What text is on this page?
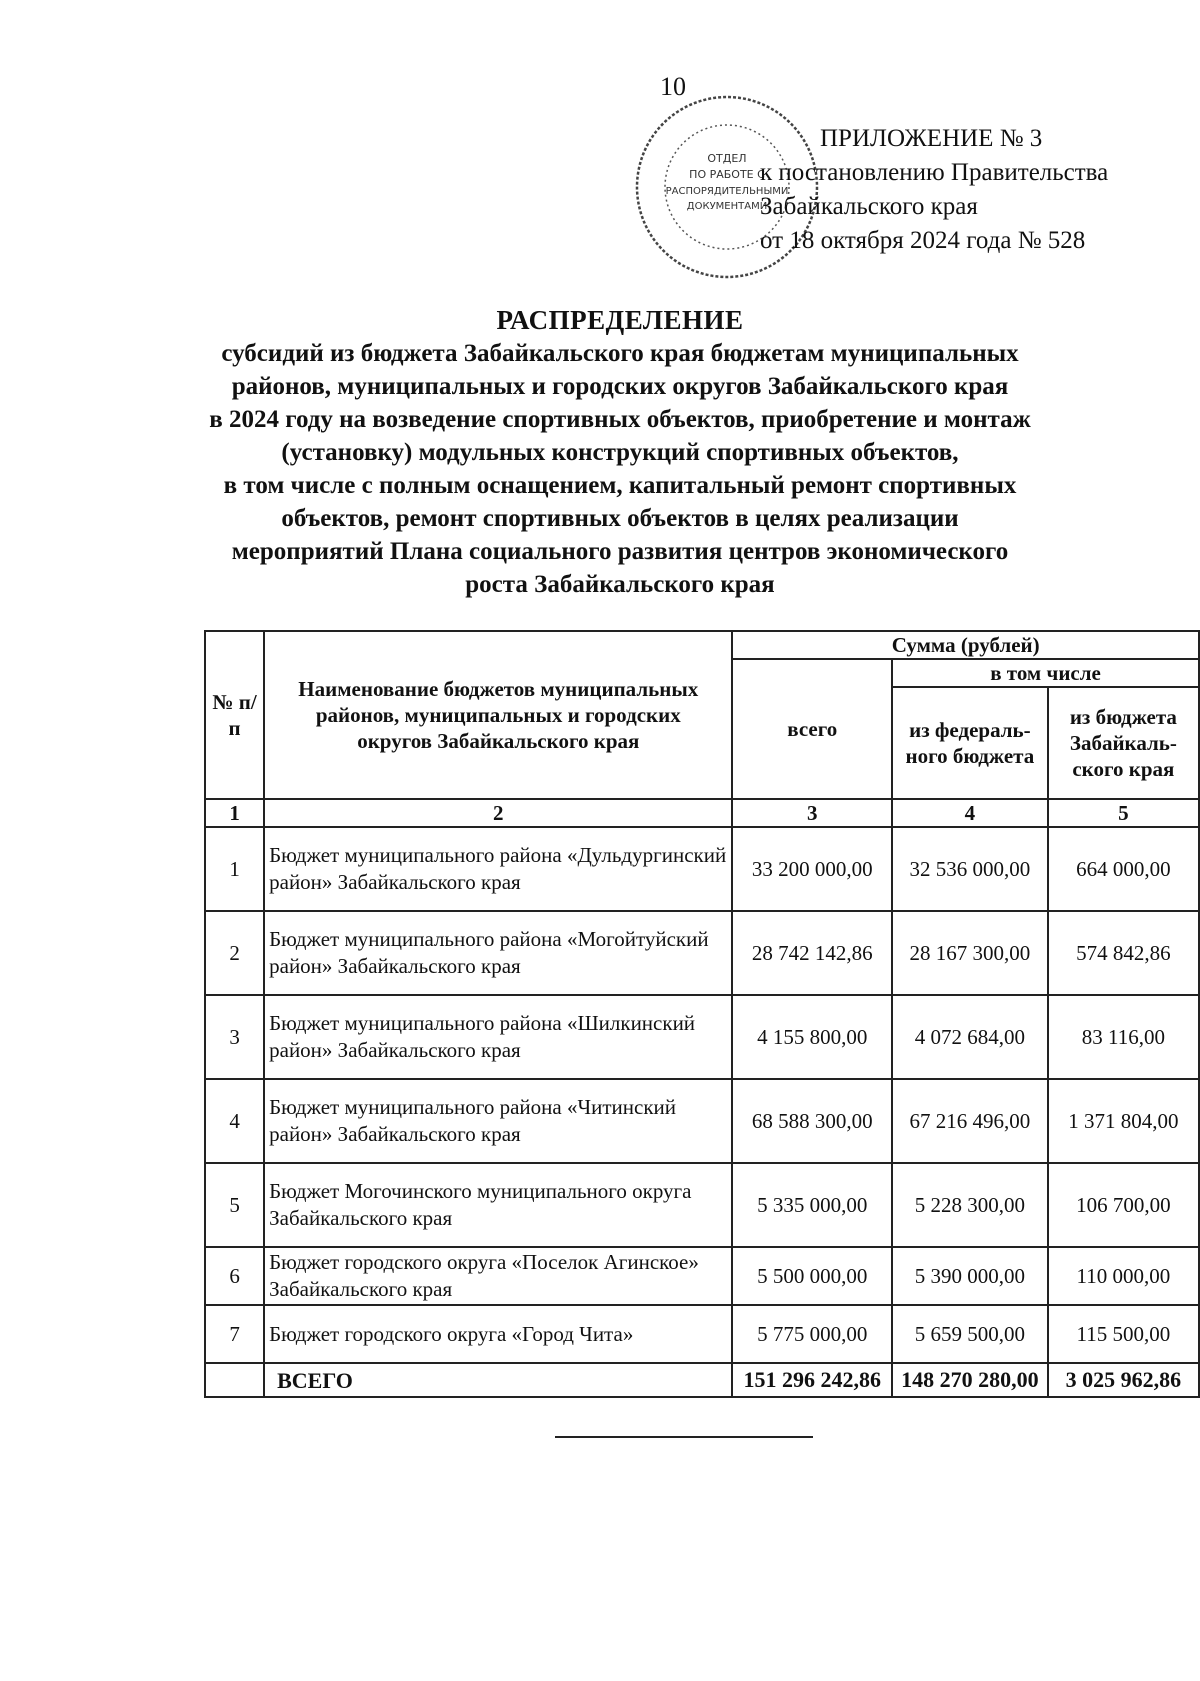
10
ОТДЕЛ
ПО РАБОТЕ С
РАСПОРЯДИТЕЛЬНЫМИ
ДОКУМЕНТАМИ
ПРИЛОЖЕНИЕ № 3
к постановлению Правительства
Забайкальского края
от 18 октября 2024 года № 528
РАСПРЕДЕЛЕНИЕ
субсидий из бюджета Забайкальского края бюджетам муниципальных
районов, муниципальных и городских округов Забайкальского края
в 2024 году на возведение спортивных объектов, приобретение и монтаж
(установку) модульных конструкций спортивных объектов,
в том числе с полным оснащением, капитальный ремонт спортивных
объектов, ремонт спортивных объектов в целях реализации
мероприятий Плана социального развития центров экономического
роста Забайкальского края
№ п/п	Наименование бюджетов муниципальных районов, муниципальных и городских округов Забайкальского края	Сумма (рублей)		
		всего	в том числе	
			из федераль-ного бюджета	из бюджета Забайкаль-ского края
1	2	3	4	5
1	Бюджет муниципального района «Дульдургинский район» Забайкальского края	33 200 000,00	32 536 000,00	664 000,00
2	Бюджет муниципального района «Могойтуйский район» Забайкальского края	28 742 142,86	28 167 300,00	574 842,86
3	Бюджет муниципального района «Шилкинский район» Забайкальского края	4 155 800,00	4 072 684,00	83 116,00
4	Бюджет муниципального района «Читинский район» Забайкальского края	68 588 300,00	67 216 496,00	1 371 804,00
5	Бюджет Могочинского муниципального округа Забайкальского края	5 335 000,00	5 228 300,00	106 700,00
6	Бюджет городского округа «Поселок Агинское» Забайкальского края	5 500 000,00	5 390 000,00	110 000,00
7	Бюджет городского округа «Город Чита»	5 775 000,00	5 659 500,00	115 500,00
	ВСЕГО	151 296 242,86	148 270 280,00	3 025 962,86
